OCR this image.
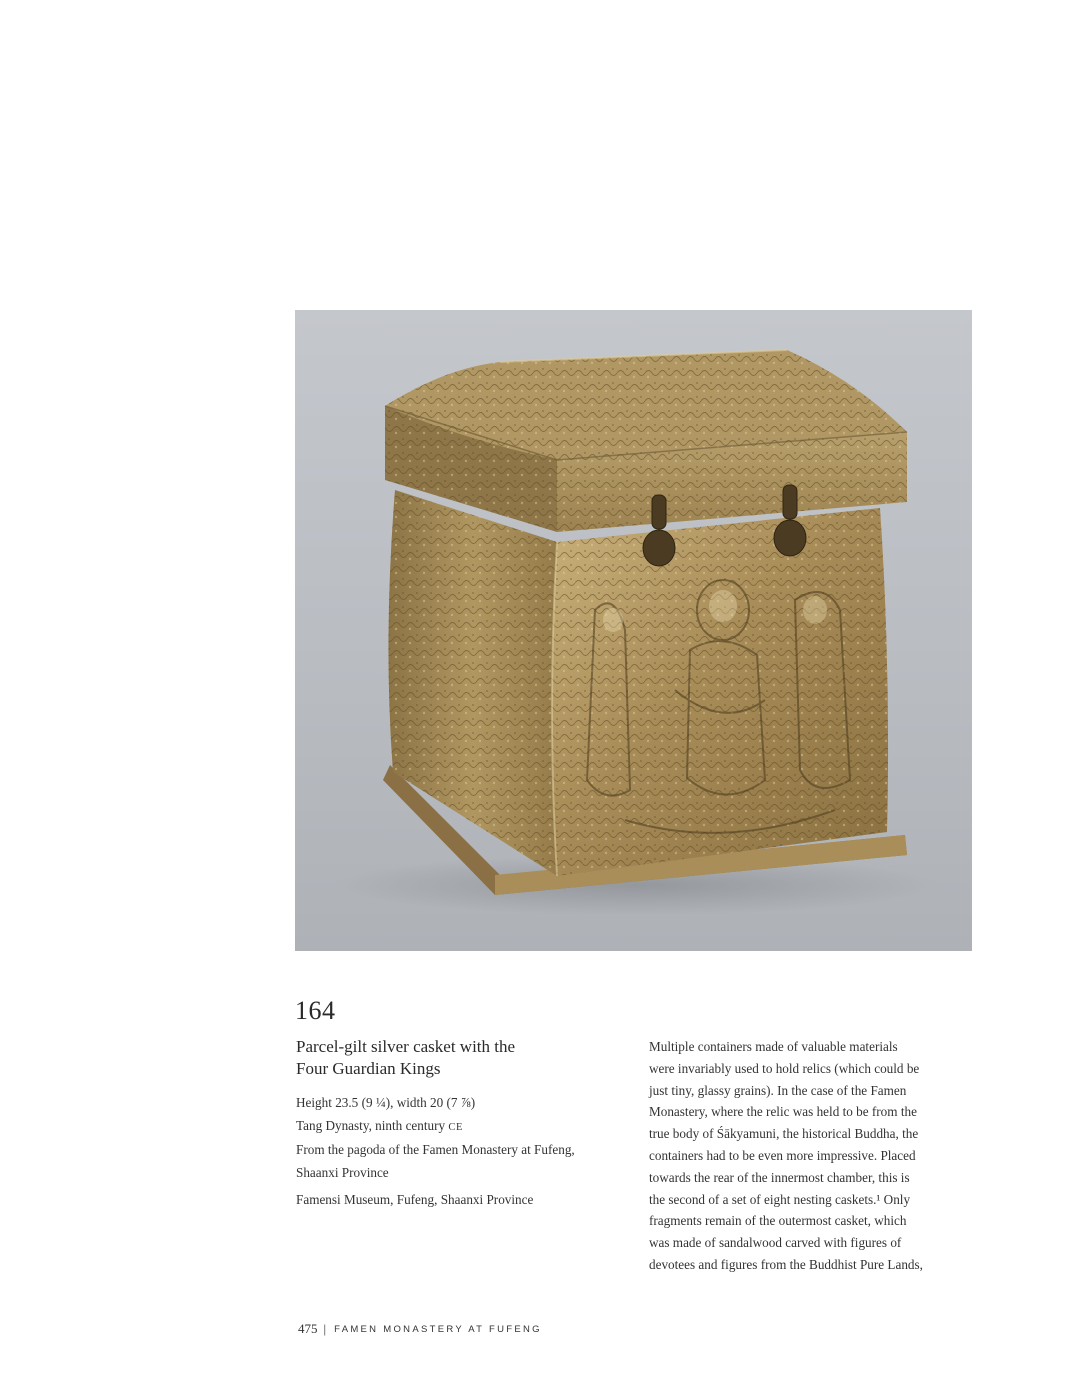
164
Parcel-gilt silver casket with the
Four Guardian Kings
Height 23.5 (9 ¼), width 20 (7 ⅞)
Tang Dynasty, ninth century CE
From the pagoda of the Famen Monastery at Fufeng,
Shaanxi Province
Famensi Museum, Fufeng, Shaanxi Province
Multiple containers made of valuable materials
were invariably used to hold relics (which could be
just tiny, glassy grains). In the case of the Famen
Monastery, where the relic was held to be from the
true body of Śākyamuni, the historical Buddha, the
containers had to be even more impressive. Placed
towards the rear of the innermost chamber, this is
the second of a set of eight nesting caskets.¹ Only
fragments remain of the outermost casket, which
was made of sandalwood carved with figures of
devotees and figures from the Buddhist Pure Lands,
475 | FAMEN MONASTERY AT FUFENG
